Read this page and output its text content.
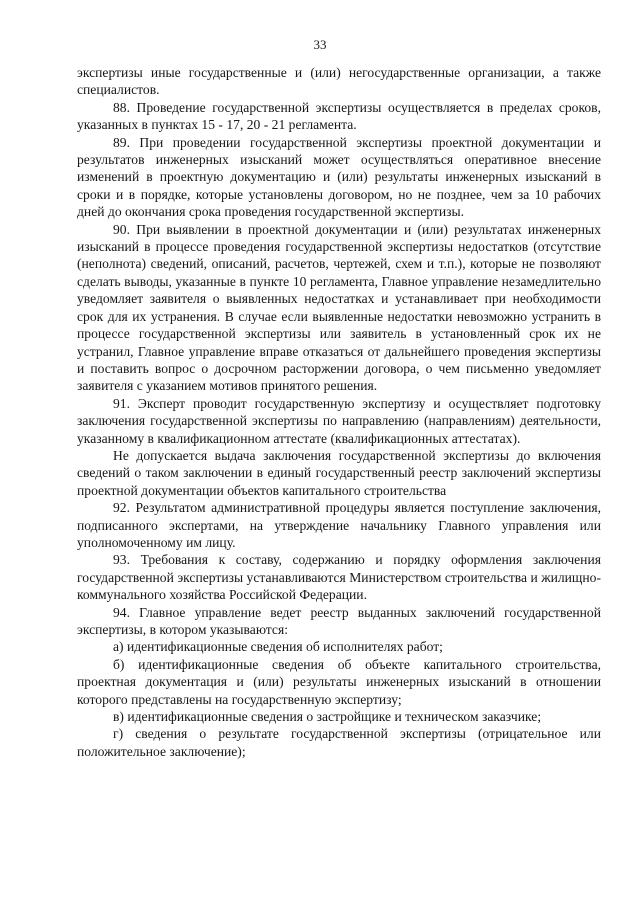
33

экспертизы иные государственные и (или) негосударственные организации, а также специалистов.

88. Проведение государственной экспертизы осуществляется в пределах сроков, указанных в пунктах 15 - 17, 20 - 21 регламента.

89. При проведении государственной экспертизы проектной документации и результатов инженерных изысканий может осуществляться оперативное внесение изменений в проектную документацию и (или) результаты инженерных изысканий в сроки и в порядке, которые установлены договором, но не позднее, чем за 10 рабочих дней до окончания срока проведения государственной экспертизы.

90. При выявлении в проектной документации и (или) результатах инженерных изысканий в процессе проведения государственной экспертизы недостатков (отсутствие (неполнота) сведений, описаний, расчетов, чертежей, схем и т.п.), которые не позволяют сделать выводы, указанные в пункте 10 регламента, Главное управление незамедлительно уведомляет заявителя о выявленных недостатках и устанавливает при необходимости срок для их устранения. В случае если выявленные недостатки невозможно устранить в процессе государственной экспертизы или заявитель в установленный срок их не устранил, Главное управление вправе отказаться от дальнейшего проведения экспертизы и поставить вопрос о досрочном расторжении договора, о чем письменно уведомляет заявителя с указанием мотивов принятого решения.

91. Эксперт проводит государственную экспертизу и осуществляет подготовку заключения государственной экспертизы по направлению (направлениям) деятельности, указанному в квалификационном аттестате (квалификационных аттестатах).

Не допускается выдача заключения государственной экспертизы до включения сведений о таком заключении в единый государственный реестр заключений экспертизы проектной документации объектов капитального строительства

92. Результатом административной процедуры является поступление заключения, подписанного экспертами, на утверждение начальнику Главного управления или уполномоченному им лицу.

93. Требования к составу, содержанию и порядку оформления заключения государственной экспертизы устанавливаются Министерством строительства и жилищно-коммунального хозяйства Российской Федерации.

94. Главное управление ведет реестр выданных заключений государственной экспертизы, в котором указываются:

а) идентификационные сведения об исполнителях работ;

б) идентификационные сведения об объекте капитального строительства, проектная документация и (или) результаты инженерных изысканий в отношении которого представлены на государственную экспертизу;

в) идентификационные сведения о застройщике и техническом заказчике;

г) сведения о результате государственной экспертизы (отрицательное или положительное заключение);
